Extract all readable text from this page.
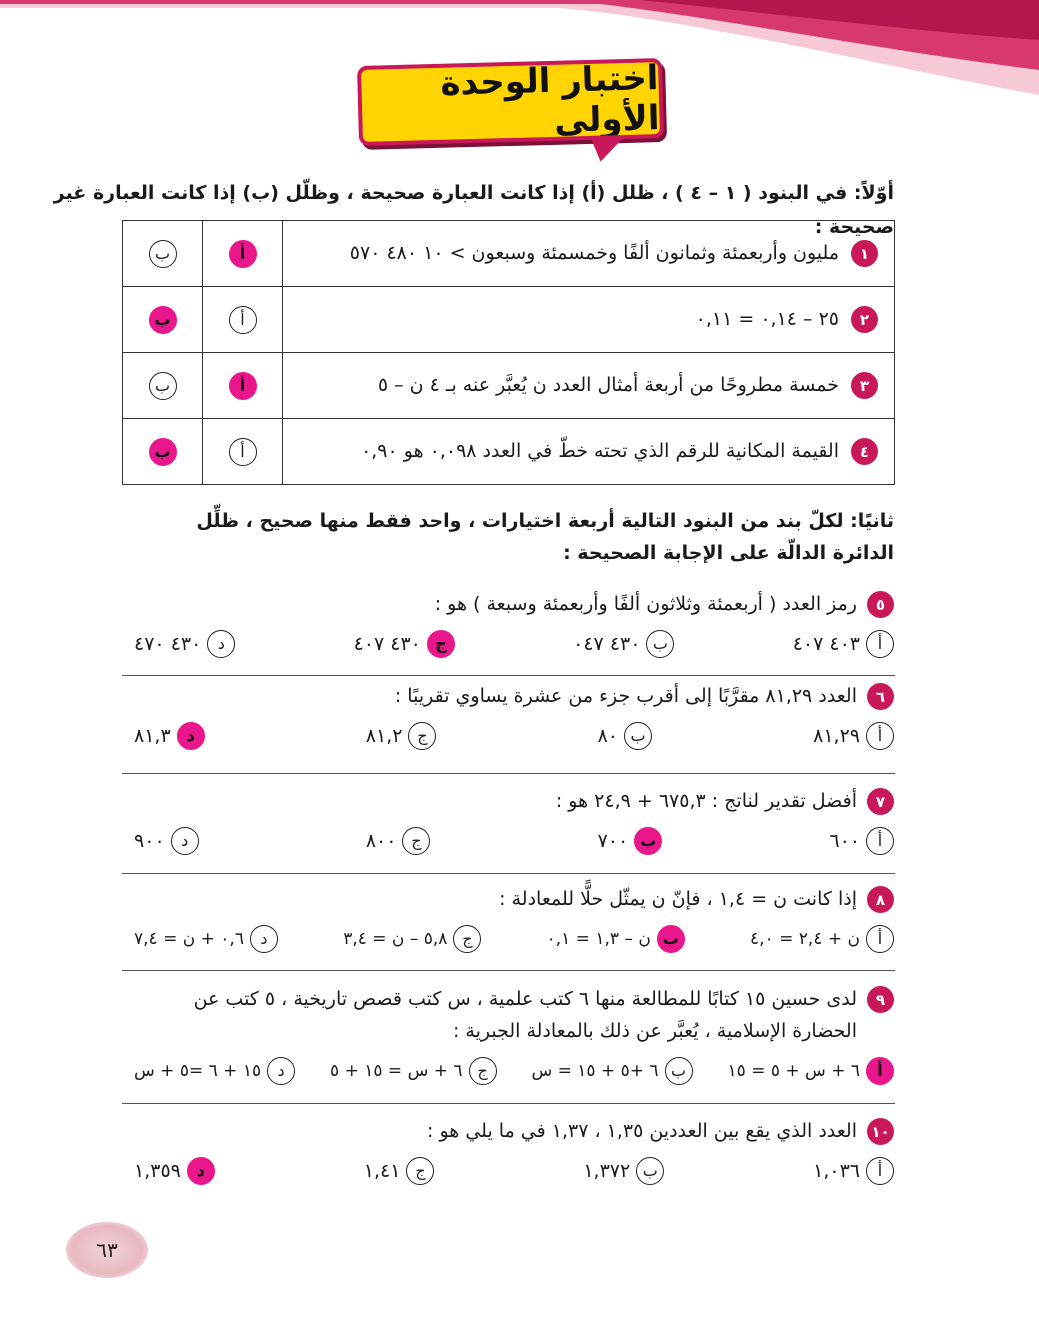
اختبار الوحدة الأولى
أوّلاً: في البنود ( ١ – ٤ ) ، ظلل (أ) إذا كانت العبارة صحيحة ، وظلّل (ب) إذا كانت العبارة غير صحيحة :
ب	أ	١مليون وأربعمئة وثمانون ألفًا وخمسمئة وسبعون > ١٠ ٤٨٠ ٥٧٠
ب	أ	٢٢٥ – ٠,١٤ = ٠,١١
ب	أ	٣خمسة مطروحًا من أربعة أمثال العدد ن يُعبَّر عنه بـ ٤ ن – ٥
ب	أ	٤القيمة المكانية للرقم الذي تحته خطّ في العدد ٠,٠٩٨ هو ٠,٩٠
ثانيًا: لكلّ بند من البنود التالية أربعة اختيارات ، واحد فقط منها صحيح ، ظلِّل الدائرة الدالّة على الإجابة الصحيحة :
٥
رمز العدد ( أربعمئة وثلاثون ألفًا وأربعمئة وسبعة ) هو :
أ
٤٠٣ ٤٠٧
ب
٤٣٠ ٠٤٧
ج
٤٣٠ ٤٠٧
د
٤٣٠ ٤٧٠
٦
العدد ٨١,٢٩ مقرَّبًا إلى أقرب جزء من عشرة يساوي تقريبًا :
أ
٨١,٢٩
ب
٨٠
ج
٨١,٢
د
٨١,٣
٧
أفضل تقدير لناتج : ٦٧٥,٣ + ٢٤,٩ هو :
أ
٦٠٠
ب
٧٠٠
ج
٨٠٠
د
٩٠٠
٨
إذا كانت ن = ١,٤ ، فإنّ ن يمثّل حلًّا للمعادلة :
أ
ن + ٢,٤ = ٤,٠
ب
ن – ١,٣ = ٠,١
ج
٥,٨ – ن = ٣,٤
د
٠,٦ + ن = ٧,٤
٩
لدى حسين ١٥ كتابًا للمطالعة منها ٦ كتب علمية ، س كتب قصص تاريخية ، ٥ كتب عن الحضارة الإسلامية ، يُعبَّر عن ذلك بالمعادلة الجبرية :
أ
٦ + س + ٥ = ١٥
ب
٦ +٥ + ١٥ = س
ج
٦ + س = ١٥ + ٥
د
١٥ + ٦ =٥ + س
١٠
العدد الذي يقع بين العددين ١,٣٥ ، ١,٣٧ في ما يلي هو :
أ
١,٠٣٦
ب
١,٣٧٢
ج
١,٤١
د
١,٣٥٩
٦٣
